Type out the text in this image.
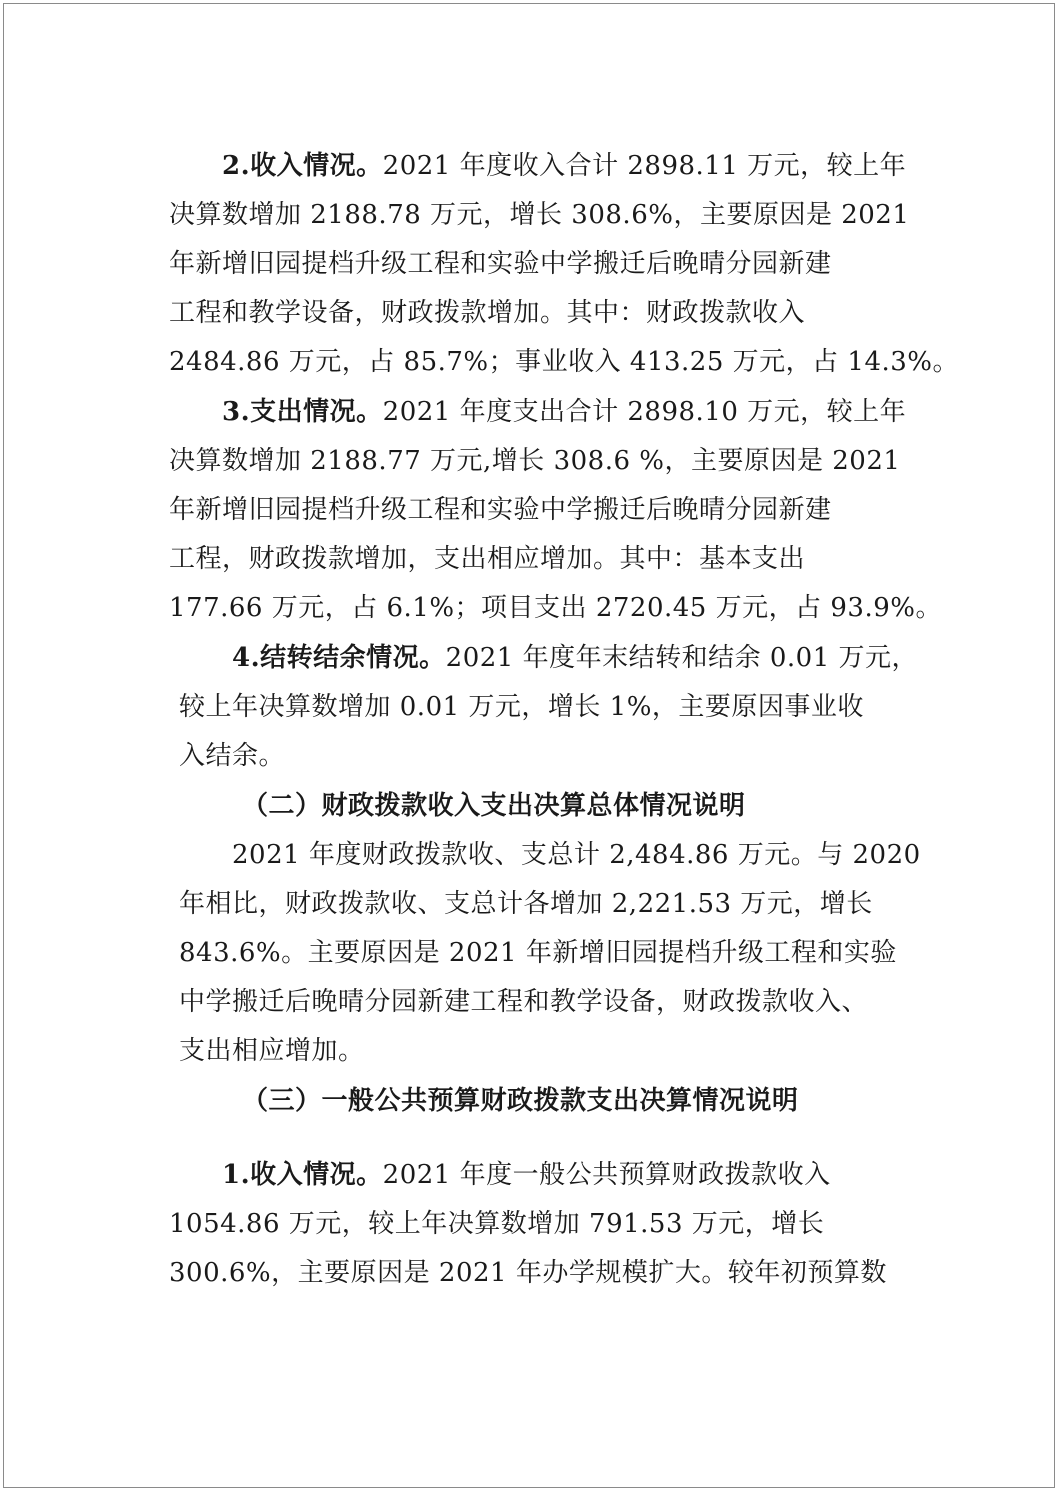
2.收入情况。2021 年度收入合计 2898.11 万元，较上年
决算数增加 2188.78 万元，增长 308.6%，主要原因是 2021
年新增旧园提档升级工程和实验中学搬迁后晚晴分园新建
工程和教学设备，财政拨款增加。其中：财政拨款收入
2484.86 万元，占 85.7%；事业收入 413.25 万元，占 14.3%。
3.支出情况。2021 年度支出合计 2898.10 万元，较上年
决算数增加 2188.77 万元,增长 308.6 %，主要原因是 2021
年新增旧园提档升级工程和实验中学搬迁后晚晴分园新建
工程，财政拨款增加，支出相应增加。其中：基本支出
177.66 万元，占 6.1%；项目支出 2720.45 万元，占 93.9%。
4.结转结余情况。2021 年度年末结转和结余 0.01 万元，
较上年决算数增加 0.01 万元，增长 1%，主要原因事业收
入结余。
（二）财政拨款收入支出决算总体情况说明
2021 年度财政拨款收、支总计 2,484.86 万元。与 2020
年相比，财政拨款收、支总计各增加 2,221.53 万元，增长
843.6%。主要原因是 2021 年新增旧园提档升级工程和实验
中学搬迁后晚晴分园新建工程和教学设备，财政拨款收入、
支出相应增加。
（三）一般公共预算财政拨款支出决算情况说明
1.收入情况。2021 年度一般公共预算财政拨款收入
1054.86 万元，较上年决算数增加 791.53 万元，增长
300.6%，主要原因是 2021 年办学规模扩大。较年初预算数
